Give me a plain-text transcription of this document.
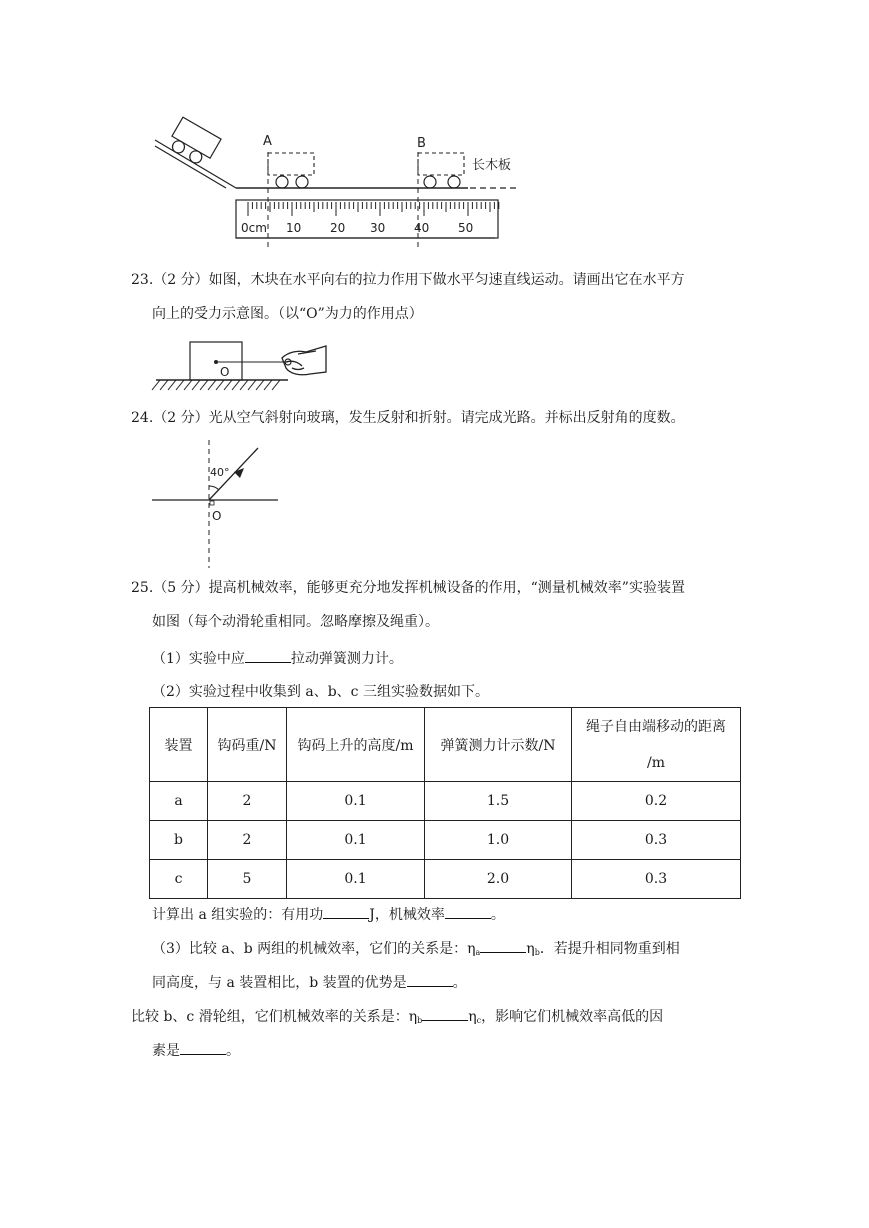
A	B
长木板
0cm 10 20 30 40 50
23.（2 分）如图，木块在水平向右的拉力作用下做水平匀速直线运动。请画出它在水平方
向上的受力示意图。（以“O”为力的作用点）
O
24.（2 分）光从空气斜射向玻璃，发生反射和折射。请完成光路。并标出反射角的度数。
40°
O
25.（5 分）提高机械效率，能够更充分地发挥机械设备的作用，“测量机械效率”实验装置
如图（每个动滑轮重相同。忽略摩擦及绳重）。
（1）实验中应	拉动弹簧测力计。
（2）实验过程中收集到 a、b、c 三组实验数据如下。
装置	钩码重/N	钩码上升的高度/m	弹簧测力计示数/N	绳子自由端移动的距离
/m

a	2	0.1	1.5	0.2
b	2	0.1	1.0	0.3
c	5	0.1	2.0	0.3
计算出 a 组实验的：有用功	J，机械效率	。
（3）比较 a、b 两组的机械效率，它们的关系是：$\eta_a$	$\eta_b$．若提升相同物重到相
同高度，与 a 装置相比，b 装置的优势是	。
比较 b、c 滑轮组，它们机械效率的关系是：$\eta_b$	$\eta_c$，影响它们机械效率高低的因
素是	。
